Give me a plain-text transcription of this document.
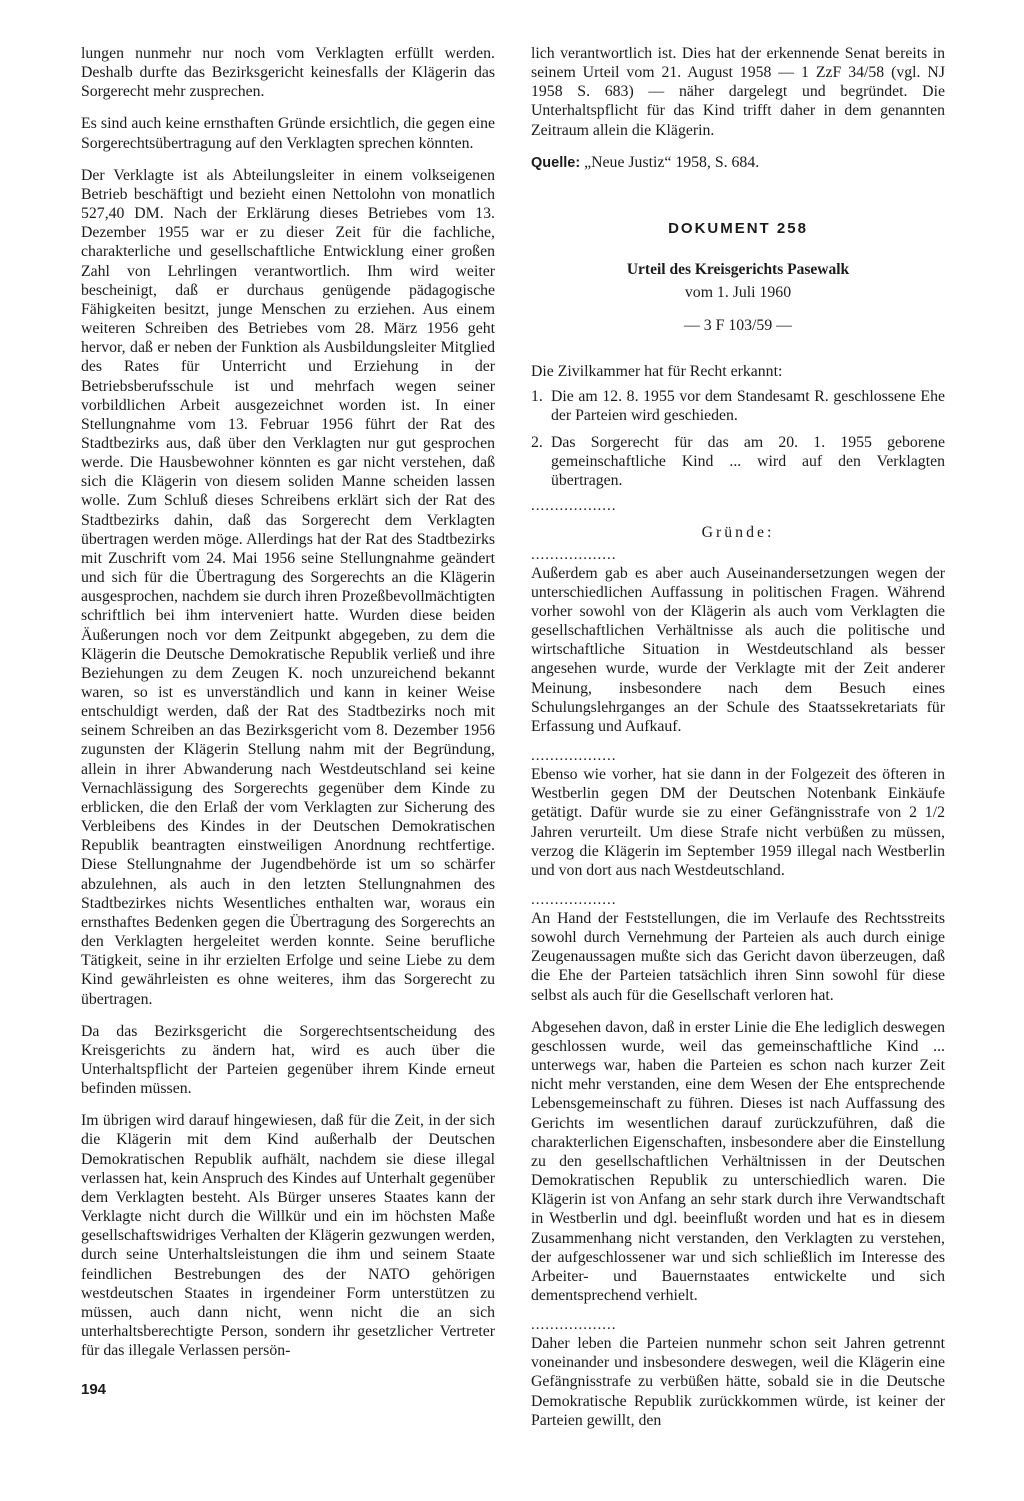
lungen nunmehr nur noch vom Verklagten erfüllt werden. Deshalb durfte das Bezirksgericht keinesfalls der Klägerin das Sorgerecht mehr zusprechen.

Es sind auch keine ernsthaften Gründe ersichtlich, die gegen eine Sorgerechtsübertragung auf den Verklagten sprechen könnten.

Der Verklagte ist als Abteilungsleiter in einem volkseigenen Betrieb beschäftigt und bezieht einen Nettolohn von monatlich 527,40 DM. Nach der Erklärung dieses Betriebes vom 13. Dezember 1955 war er zu dieser Zeit für die fachliche, charakterliche und gesellschaftliche Entwicklung einer großen Zahl von Lehrlingen verantwortlich. Ihm wird weiter bescheinigt, daß er durchaus genügende pädagogische Fähigkeiten besitzt, junge Menschen zu erziehen. Aus einem weiteren Schreiben des Betriebes vom 28. März 1956 geht hervor, daß er neben der Funktion als Ausbildungsleiter Mitglied des Rates für Unterricht und Erziehung in der Betriebsberufsschule ist und mehrfach wegen seiner vorbildlichen Arbeit ausgezeichnet worden ist. In einer Stellungnahme vom 13. Februar 1956 führt der Rat des Stadtbezirks aus, daß über den Verklagten nur gut gesprochen werde. Die Hausbewohner könnten es gar nicht verstehen, daß sich die Klägerin von diesem soliden Manne scheiden lassen wolle. Zum Schluß dieses Schreibens erklärt sich der Rat des Stadtbezirks dahin, daß das Sorgerecht dem Verklagten übertragen werden möge. Allerdings hat der Rat des Stadtbezirks mit Zuschrift vom 24. Mai 1956 seine Stellungnahme geändert und sich für die Übertragung des Sorgerechts an die Klägerin ausgesprochen, nachdem sie durch ihren Prozeßbevollmächtigten schriftlich bei ihm interveniert hatte. Wurden diese beiden Äußerungen noch vor dem Zeitpunkt abgegeben, zu dem die Klägerin die Deutsche Demokratische Republik verließ und ihre Beziehungen zu dem Zeugen K. noch unzureichend bekannt waren, so ist es unverständlich und kann in keiner Weise entschuldigt werden, daß der Rat des Stadtbezirks noch mit seinem Schreiben an das Bezirksgericht vom 8. Dezember 1956 zugunsten der Klägerin Stellung nahm mit der Begründung, allein in ihrer Abwanderung nach Westdeutschland sei keine Vernachlässigung des Sorgerechts gegenüber dem Kinde zu erblicken, die den Erlaß der vom Verklagten zur Sicherung des Verbleibens des Kindes in der Deutschen Demokratischen Republik beantragten einstweiligen Anordnung rechtfertige. Diese Stellungnahme der Jugendbehörde ist um so schärfer abzulehnen, als auch in den letzten Stellungnahmen des Stadtbezirkes nichts Wesentliches enthalten war, woraus ein ernsthaftes Bedenken gegen die Übertragung des Sorgerechts an den Verklagten hergeleitet werden konnte. Seine berufliche Tätigkeit, seine in ihr erzielten Erfolge und seine Liebe zu dem Kind gewährleisten es ohne weiteres, ihm das Sorgerecht zu übertragen.

Da das Bezirksgericht die Sorgerechtsentscheidung des Kreisgerichts zu ändern hat, wird es auch über die Unterhaltspflicht der Parteien gegenüber ihrem Kinde erneut befinden müssen.

Im übrigen wird darauf hingewiesen, daß für die Zeit, in der sich die Klägerin mit dem Kind außerhalb der Deutschen Demokratischen Republik aufhält, nachdem sie diese illegal verlassen hat, kein Anspruch des Kindes auf Unterhalt gegenüber dem Verklagten besteht. Als Bürger unseres Staates kann der Verklagte nicht durch die Willkür und ein im höchsten Maße gesellschaftswidriges Verhalten der Klägerin gezwungen werden, durch seine Unterhaltsleistungen die ihm und seinem Staate feindlichen Bestrebungen des der NATO gehörigen westdeutschen Staates in irgendeiner Form unterstützen zu müssen, auch dann nicht, wenn nicht die an sich unterhaltsberechtigte Person, sondern ihr gesetzlicher Vertreter für das illegale Verlassen persön-

lich verantwortlich ist. Dies hat der erkennende Senat bereits in seinem Urteil vom 21. August 1958 — 1 ZzF 34/58 (vgl. NJ 1958 S. 683) — näher dargelegt und begründet. Die Unterhaltspflicht für das Kind trifft daher in dem genannten Zeitraum allein die Klägerin.

Quelle: „Neue Justiz“ 1958, S. 684.

DOKUMENT 258
Urteil des Kreisgerichts Pasewalk
vom 1. Juli 1960
— 3 F 103/59 —
Die Zivilkammer hat für Recht erkannt:
1. Die am 12. 8. 1955 vor dem Standesamt R. geschlossene Ehe der Parteien wird geschieden.
2. Das Sorgerecht für das am 20. 1. 1955 geborene gemeinschaftliche Kind ... wird auf den Verklagten übertragen.
..................
Gründe:
..................

Außerdem gab es aber auch Auseinandersetzungen wegen der unterschiedlichen Auffassung in politischen Fragen. Während vorher sowohl von der Klägerin als auch vom Verklagten die gesellschaftlichen Verhältnisse als auch die politische und wirtschaftliche Situation in Westdeutschland als besser angesehen wurde, wurde der Verklagte mit der Zeit anderer Meinung, insbesondere nach dem Besuch eines Schulungslehrganges an der Schule des Staatssekretariats für Erfassung und Aufkauf.

..................

Ebenso wie vorher, hat sie dann in der Folgezeit des öfteren in Westberlin gegen DM der Deutschen Notenbank Einkäufe getätigt. Dafür wurde sie zu einer Gefängnisstrafe von 2 1/2 Jahren verurteilt. Um diese Strafe nicht verbüßen zu müssen, verzog die Klägerin im September 1959 illegal nach Westberlin und von dort aus nach Westdeutschland.

..................

An Hand der Feststellungen, die im Verlaufe des Rechtsstreits sowohl durch Vernehmung der Parteien als auch durch einige Zeugenaussagen mußte sich das Gericht davon überzeugen, daß die Ehe der Parteien tatsächlich ihren Sinn sowohl für diese selbst als auch für die Gesellschaft verloren hat.

Abgesehen davon, daß in erster Linie die Ehe lediglich deswegen geschlossen wurde, weil das gemeinschaftliche Kind ... unterwegs war, haben die Parteien es schon nach kurzer Zeit nicht mehr verstanden, eine dem Wesen der Ehe entsprechende Lebensgemeinschaft zu führen. Dieses ist nach Auffassung des Gerichts im wesentlichen darauf zurückzuführen, daß die charakterlichen Eigenschaften, insbesondere aber die Einstellung zu den gesellschaftlichen Verhältnissen in der Deutschen Demokratischen Republik zu unterschiedlich waren. Die Klägerin ist von Anfang an sehr stark durch ihre Verwandtschaft in Westberlin und dgl. beeinflußt worden und hat es in diesem Zusammenhang nicht verstanden, den Verklagten zu verstehen, der aufgeschlossener war und sich schließlich im Interesse des Arbeiter- und Bauernstaates entwickelte und sich dementsprechend verhielt.

..................

Daher leben die Parteien nunmehr schon seit Jahren getrennt voneinander und insbesondere deswegen, weil die Klägerin eine Gefängnisstrafe zu verbüßen hätte, sobald sie in die Deutsche Demokratische Republik zurückkommen würde, ist keiner der Parteien gewillt, den

194
